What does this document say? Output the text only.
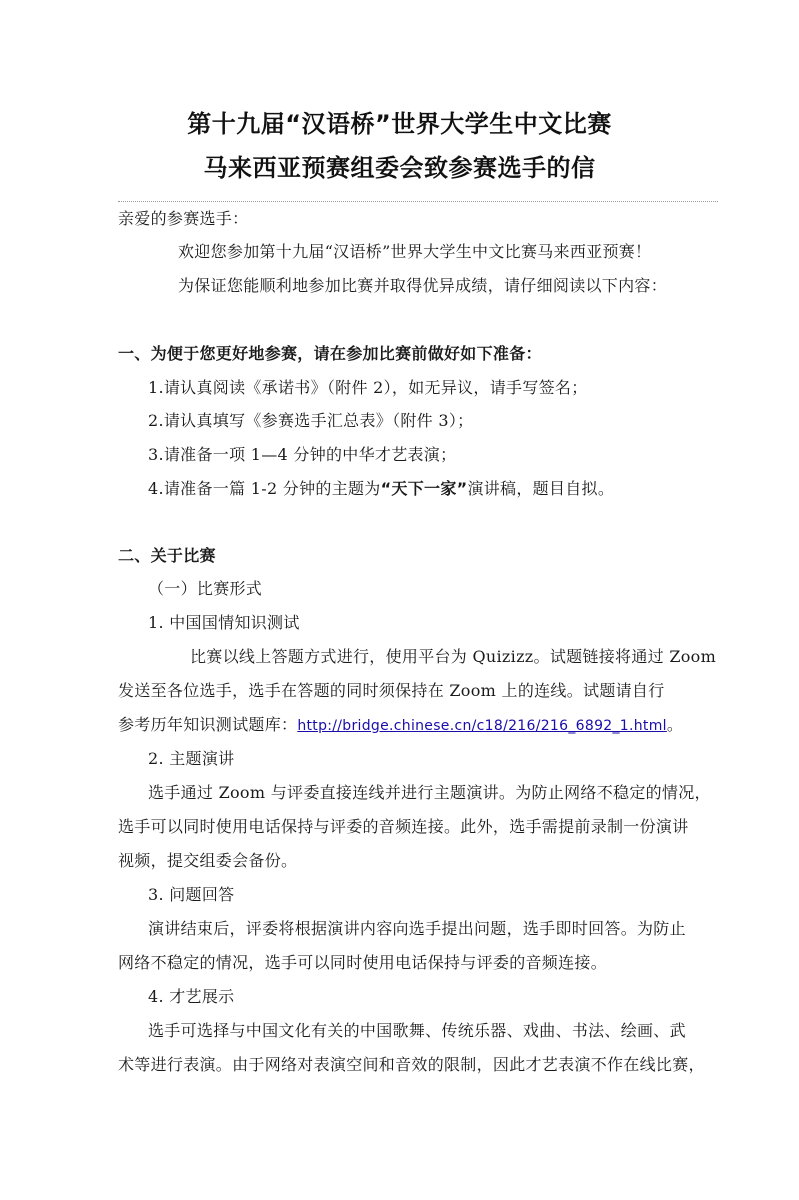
第十九届“汉语桥”世界大学生中文比赛
马来西亚预赛组委会致参赛选手的信
亲爱的参赛选手：
欢迎您参加第十九届“汉语桥”世界大学生中文比赛马来西亚预赛！
为保证您能顺利地参加比赛并取得优异成绩，请仔细阅读以下内容：
一、为便于您更好地参赛，请在参加比赛前做好如下准备：
1.请认真阅读《承诺书》（附件 2），如无异议，请手写签名；
2.请认真填写《参赛选手汇总表》（附件 3）；
3.请准备一项 1—4 分钟的中华才艺表演；
4.请准备一篇 1-2 分钟的主题为“天下一家”演讲稿，题目自拟。
二、关于比赛
（一）比赛形式
1. 中国国情知识测试
比赛以线上答题方式进行，使用平台为 Quizizz。试题链接将通过 Zoom
发送至各位选手，选手在答题的同时须保持在 Zoom 上的连线。试题请自行
参考历年知识测试题库：http://bridge.chinese.cn/c18/216/216_6892_1.html。
2. 主题演讲
选手通过 Zoom 与评委直接连线并进行主题演讲。为防止网络不稳定的情况，
选手可以同时使用电话保持与评委的音频连接。此外，选手需提前录制一份演讲
视频，提交组委会备份。
3. 问题回答
演讲结束后，评委将根据演讲内容向选手提出问题，选手即时回答。为防止
网络不稳定的情况，选手可以同时使用电话保持与评委的音频连接。
4. 才艺展示
选手可选择与中国文化有关的中国歌舞、传统乐器、戏曲、书法、绘画、武
术等进行表演。由于网络对表演空间和音效的限制，因此才艺表演不作在线比赛，
